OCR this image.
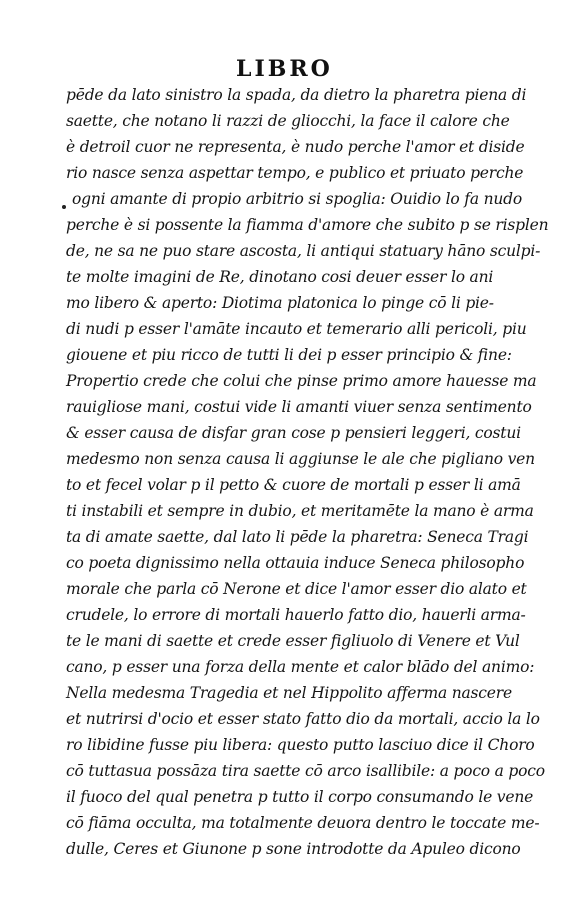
LIBRO
pēde da lato sinistro la spada, da dietro la pharetra piena di
saette, che notano li razzi de gliocchi, la face il calore che
è detroil cuor ne representa, è nudo perche l'amor et diside
rio nasce senza aspettar tempo, e publico et priuato perche
ogni amante di propio arbitrio si spoglia: Ouidio lo fa nudo
perche è si possente la fiamma d'amore che subito p se risplen
de, ne sa ne puo stare ascosta, li antiqui statuary hāno sculpi-
te molte imagini de Re, dinotano cosi deuer esser lo ani
mo libero & aperto: Diotima platonica lo pinge cō li pie-
di nudi p esser l'amāte incauto et temerario alli pericoli, piu
giouene et piu ricco de tutti li dei p esser principio & fine:
Propertio crede che colui che pinse primo amore hauesse ma
rauigliose mani, costui vide li amanti viuer senza sentimento
& esser causa de disfar gran cose p pensieri leggeri, costui
medesmo non senza causa li aggiunse le ale che pigliano ven
to et fecel volar p il petto & cuore de mortali p esser li amā
ti instabili et sempre in dubio, et meritamēte la mano è arma
ta di amate saette, dal lato li pēde la pharetra: Seneca Tragi
co poeta dignissimo nella ottauia induce Seneca philosopho
morale che parla cō Nerone et dice l'amor esser dio alato et
crudele, lo errore di mortali hauerlo fatto dio, hauerli arma-
te le mani di saette et crede esser figliuolo di Venere et Vul
cano, p esser una forza della mente et calor blādo del animo:
Nella medesma Tragedia et nel Hippolito afferma nascere
et nutrirsi d'ocio et esser stato fatto dio da mortali, accio la lo
ro libidine fusse piu libera: questo putto lasciuo dice il Choro
cō tuttasua possāza tira saette cō arco isallibile: a poco a poco
il fuoco del qual penetra p tutto il corpo consumando le vene
cō fiāma occulta, ma totalmente deuora dentro le toccate me-
dulle, Ceres et Giunone p sone introdotte da Apuleo dicono
